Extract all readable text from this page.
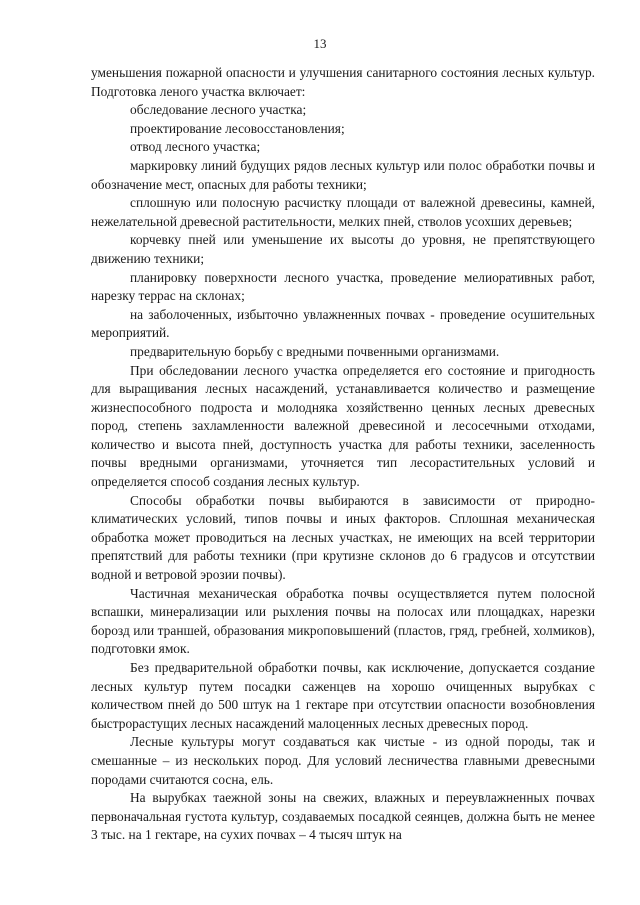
13

уменьшения пожарной опасности и улучшения санитарного состояния лесных культур. Подготовка леного участка включает:

обследование лесного участка;

проектирование лесовосстановления;

отвод лесного участка;

маркировку линий будущих рядов лесных культур или полос обработки почвы и обозначение мест, опасных для работы техники;

сплошную или полосную расчистку площади от валежной древесины, камней, нежелательной древесной растительности, мелких пней, стволов усохших деревьев;

корчевку пней или уменьшение их высоты до уровня, не препятствующего движению техники;

планировку поверхности лесного участка, проведение мелиоративных работ, нарезку террас на склонах;

на заболоченных, избыточно увлажненных почвах - проведение осушительных мероприятий.

предварительную борьбу с вредными почвенными организмами.

При обследовании лесного участка определяется его состояние и пригодность для выращивания лесных насаждений, устанавливается количество и размещение жизнеспособного подроста и молодняка хозяйственно ценных лесных древесных пород, степень захламленности валежной древесиной и лесосечными отходами, количество и высота пней, доступность участка для работы техники, заселенность почвы вредными организмами, уточняется тип лесорастительных условий и определяется способ создания лесных культур.

Способы обработки почвы выбираются в зависимости от природно-климатических условий, типов почвы и иных факторов. Сплошная механическая обработка может проводиться на лесных участках, не имеющих на всей территории препятствий для работы техники (при крутизне склонов до 6 градусов и отсутствии водной и ветровой эрозии почвы).

Частичная механическая обработка почвы осуществляется путем полосной вспашки, минерализации или рыхления почвы на полосах или площадках, нарезки борозд или траншей, образования микроповышений (пластов, гряд, гребней, холмиков), подготовки ямок.

Без предварительной обработки почвы, как исключение, допускается создание лесных культур путем посадки саженцев на хорошо очищенных вырубках с количеством пней до 500 штук на 1 гектаре при отсутствии опасности возобновления быстрорастущих лесных насаждений малоценных лесных древесных пород.

Лесные культуры могут создаваться как чистые - из одной породы, так и смешанные – из нескольких пород. Для условий лесничества главными древесными породами считаются сосна, ель.

На вырубках таежной зоны на свежих, влажных и переувлажненных почвах первоначальная густота культур, создаваемых посадкой сеянцев, должна быть не менее 3 тыс. на 1 гектаре, на сухих почвах – 4 тысяч штук на
